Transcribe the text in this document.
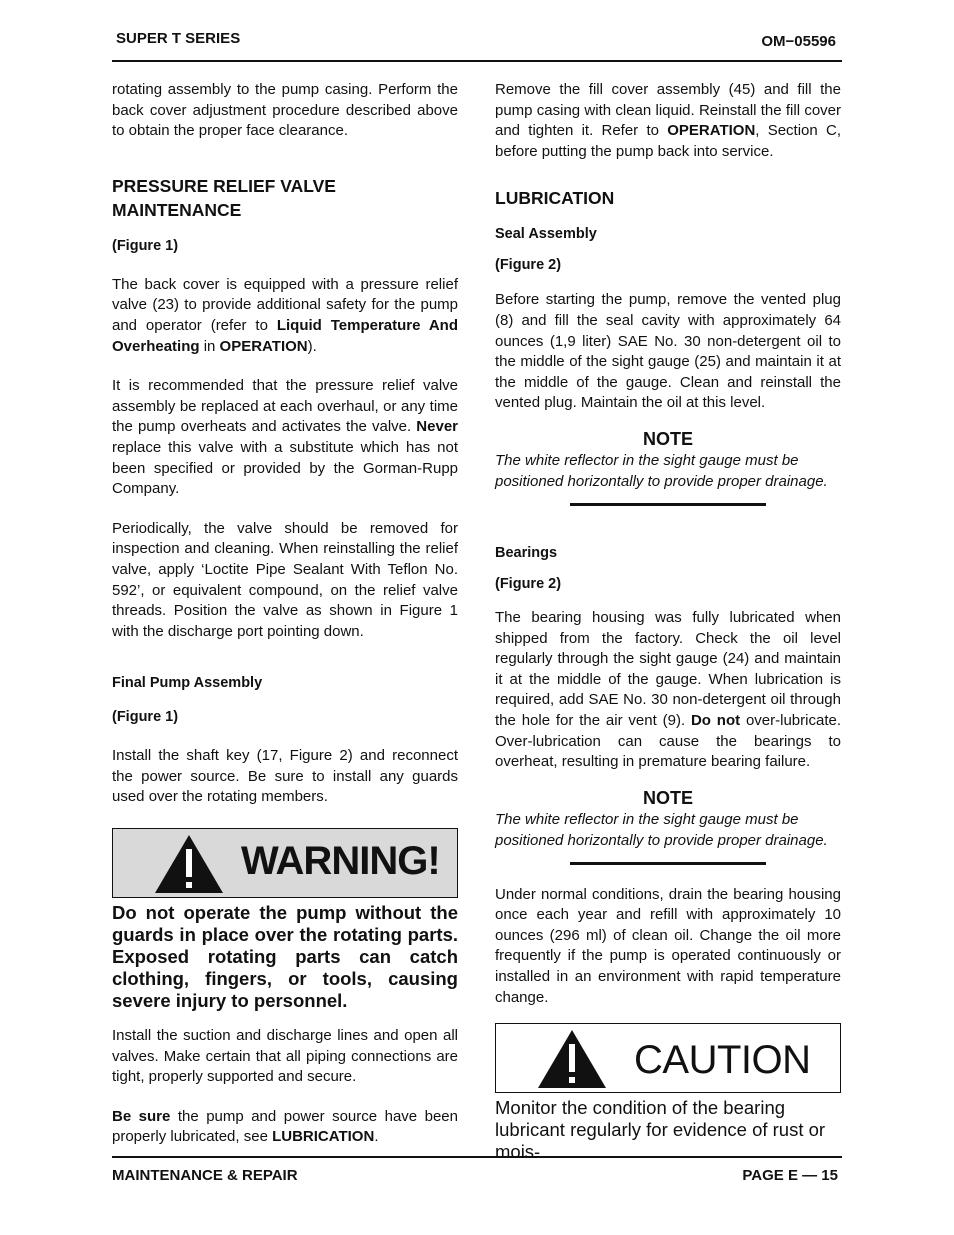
SUPER T SERIES	OM−05596

rotating assembly to the pump casing. Perform the back cover adjustment procedure described above to obtain the proper face clearance.

PRESSURE RELIEF VALVE MAINTENANCE
(Figure 1)

The back cover is equipped with a pressure relief valve (23) to provide additional safety for the pump and operator (refer to Liquid Temperature And Overheating in OPERATION).

It is recommended that the pressure relief valve assembly be replaced at each overhaul, or any time the pump overheats and activates the valve. Never replace this valve with a substitute which has not been specified or provided by the Gorman-Rupp Company.

Periodically, the valve should be removed for inspection and cleaning. When reinstalling the relief valve, apply ‘Loctite Pipe Sealant With Teflon No. 592’, or equivalent compound, on the relief valve threads. Position the valve as shown in Figure 1 with the discharge port pointing down.

Final Pump Assembly
(Figure 1)

Install the shaft key (17, Figure 2) and reconnect the power source. Be sure to install any guards used over the rotating members.

WARNING!

Do not operate the pump without the guards in place over the rotating parts. Exposed rotating parts can catch clothing, fingers, or tools, causing severe injury to personnel.

Install the suction and discharge lines and open all valves. Make certain that all piping connections are tight, properly supported and secure.

Be sure the pump and power source have been properly lubricated, see LUBRICATION.

Remove the fill cover assembly (45) and fill the pump casing with clean liquid. Reinstall the fill cover and tighten it. Refer to OPERATION, Section C, before putting the pump back into service.

LUBRICATION
Seal Assembly
(Figure 2)

Before starting the pump, remove the vented plug (8) and fill the seal cavity with approximately 64 ounces (1,9 liter) SAE No. 30 non-detergent oil to the middle of the sight gauge (25) and maintain it at the middle of the gauge. Clean and reinstall the vented plug. Maintain the oil at this level.

NOTE

The white reflector in the sight gauge must be positioned horizontally to provide proper drainage.

Bearings
(Figure 2)

The bearing housing was fully lubricated when shipped from the factory. Check the oil level regularly through the sight gauge (24) and maintain it at the middle of the gauge. When lubrication is required, add SAE No. 30 non-detergent oil through the hole for the air vent (9). Do not over-lubricate. Over-lubrication can cause the bearings to overheat, resulting in premature bearing failure.

NOTE

The white reflector in the sight gauge must be positioned horizontally to provide proper drainage.

Under normal conditions, drain the bearing housing once each year and refill with approximately 10 ounces (296 ml) of clean oil. Change the oil more frequently if the pump is operated continuously or installed in an environment with rapid temperature change.

CAUTION

Monitor the condition of the bearing lubricant regularly for evidence of rust or mois-

MAINTENANCE & REPAIR	PAGE E — 15
